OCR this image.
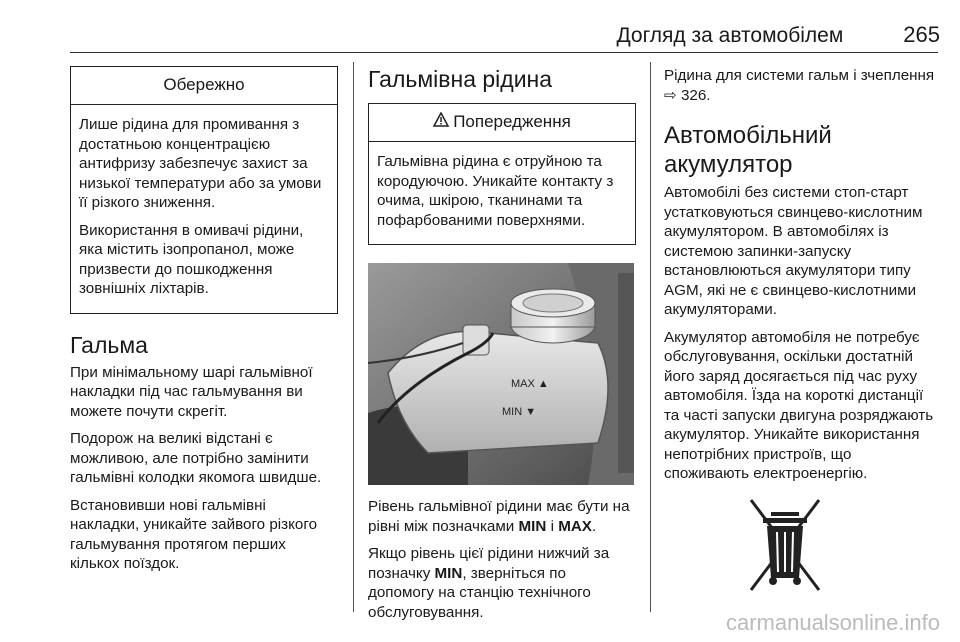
Догляд за автомобілем	265
Обережно

Лише рідина для промивання з достатньою концентрацією антифризу забезпечує захист за низької температури або за умови її різкого зниження.

Використання в омивачі рідини, яка містить ізопропанол, може призвести до пошкодження зовнішніх ліхтарів.

Гальма

При мінімальному шарі гальмівної накладки під час гальмування ви можете почути скрегіт.

Подорож на великі відстані є можливою, але потрібно замінити гальмівні колодки якомога швидше.

Встановивши нові гальмівні накладки, уникайте зайвого різкого гальмування протягом перших кількох поїздок.

Гальмівна рідина
Попередження

Гальмівна рідина є отруйною та кородуючою. Уникайте контакту з очима, шкірою, тканинами та пофарбованими поверхнями.

MAX ▲
MIN ▼

Рівень гальмівної рідини має бути на рівні між позначками MIN і MAX.

Якщо рівень цієї рідини нижчий за позначку MIN, зверніться по допомогу на станцію технічного обслуговування.

Рідина для системи гальм і зчеплення ⇨ 326.

Автомобільний акумулятор

Автомобілі без системи стоп-старт устатковуються свинцево-кислотним акумулятором. В автомобілях із системою запинки-запуску встановлюються акумулятори типу AGM, які не є свинцево-кислотними акумуляторами.

Акумулятор автомобіля не потребує обслуговування, оскільки достатній його заряд досягається під час руху автомобіля. Їзда на короткі дистанції та часті запуски двигуна розряджають акумулятор. Уникайте використання непотрібних пристроїв, що споживають електроенергію.

carmanualsonline.info
